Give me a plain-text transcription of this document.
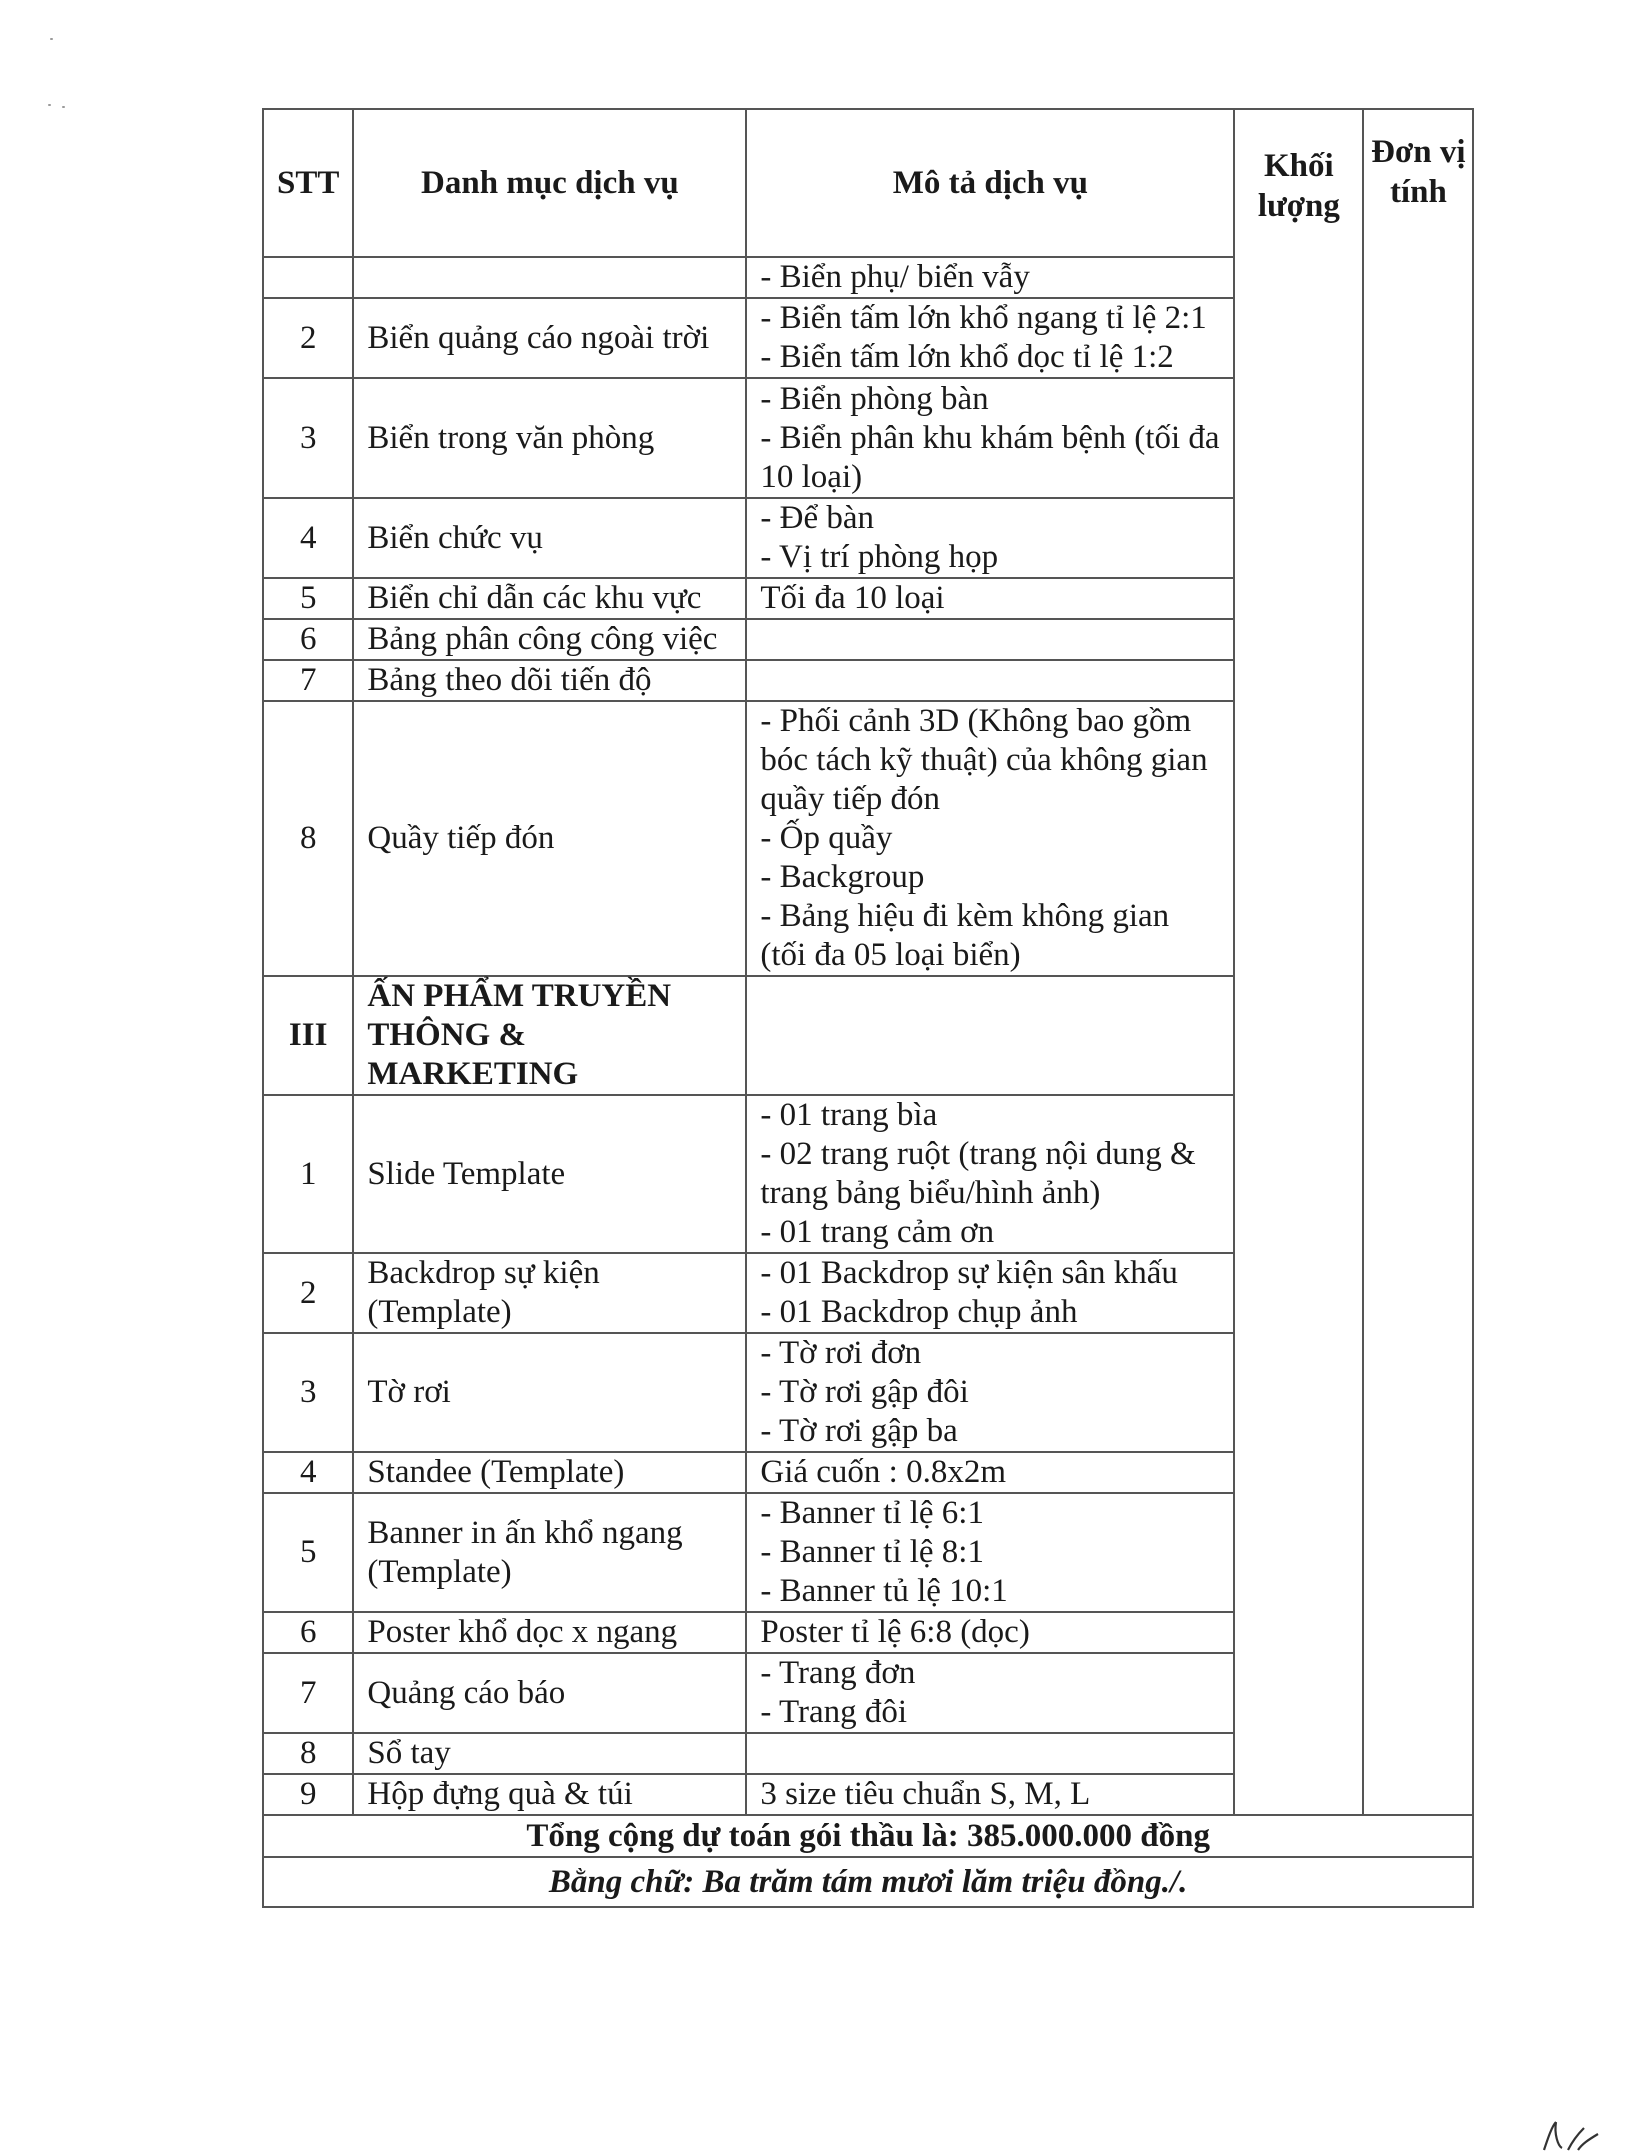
STT	Danh mục dịch vụ	Mô tả dịch vụ	Khối lượng	Đơn vị tính

		- Biển phụ/ biển vẫy		

2	Biển quảng cáo ngoài trời	- Biển tấm lớn khổ ngang tỉ lệ 2:1
- Biển tấm lớn khổ dọc tỉ lệ 1:2		

3	Biển trong văn phòng	- Biển phòng bàn
- Biển phân khu khám bệnh (tối đa 10 loại)		

4	Biển chức vụ	- Để bàn
- Vị trí phòng họp		

5	Biển chỉ dẫn các khu vực	Tối đa 10 loại		

6	Bảng phân công công việc			
7	Bảng theo dõi tiến độ			
8	Quầy tiếp đón	- Phối cảnh 3D (Không bao gồm bóc tách kỹ thuật) của không gian quầy tiếp đón
- Ốp quầy
- Backgroup
- Bảng hiệu đi kèm không gian (tối đa 05 loại biển)		

III	ẤN PHẨM TRUYỀN THÔNG & MARKETING			
1	Slide Template	- 01 trang bìa
- 02 trang ruột (trang nội dung & trang bảng biểu/hình ảnh)
- 01 trang cảm ơn		

2	Backdrop sự kiện (Template)	- 01 Backdrop sự kiện sân khấu
- 01 Backdrop chụp ảnh		

3	Tờ rơi	- Tờ rơi đơn
- Tờ rơi gập đôi
- Tờ rơi gập ba		

4	Standee (Template)	Giá cuốn : 0.8x2m		

5	Banner in ấn khổ ngang (Template)	- Banner tỉ lệ 6:1
- Banner tỉ lệ 8:1
- Banner tủ lệ 10:1		

6	Poster khổ dọc x ngang	Poster tỉ lệ 6:8 (dọc)		

7	Quảng cáo báo	- Trang đơn
- Trang đôi		

8	Sổ tay			
9	Hộp đựng quà & túi	3 size tiêu chuẩn S, M, L		

Tổng cộng dự toán gói thầu là: 385.000.000 đồng				
Bằng chữ: Ba trăm tám mươi lăm triệu đồng./.				
